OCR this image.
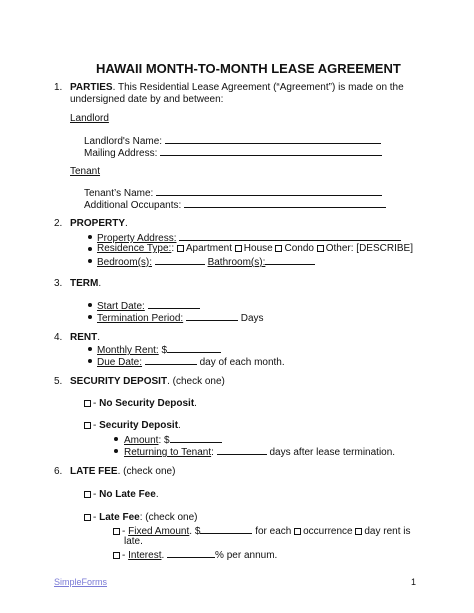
HAWAII MONTH-TO-MONTH LEASE AGREEMENT
1. PARTIES. This Residential Lease Agreement (“Agreement”) is made on the
undersigned date by and between:
Landlord
Landlord's Name:
Mailing Address:
Tenant
Tenant’s Name:
Additional Occupants:
2. PROPERTY.
Property Address:
Residence Type:: Apartment House Condo Other: [DESCRIBE]
Bedroom(s):	Bathroom(s):
3. TERM.
Start Date:
Termination Period:	Days
4. RENT.
Monthly Rent: $
Due Date:	day of each month.
5. SECURITY DEPOSIT. (check one)
- No Security Deposit.
- Security Deposit.
Amount: $
Returning to Tenant:	days after lease termination.
6. LATE FEE. (check one)
- No Late Fee.
- Late Fee: (check one)
- Fixed Amount. $	for each occurrence day rent is
late.
- Interest.	% per annum.
SimpleForms	1
